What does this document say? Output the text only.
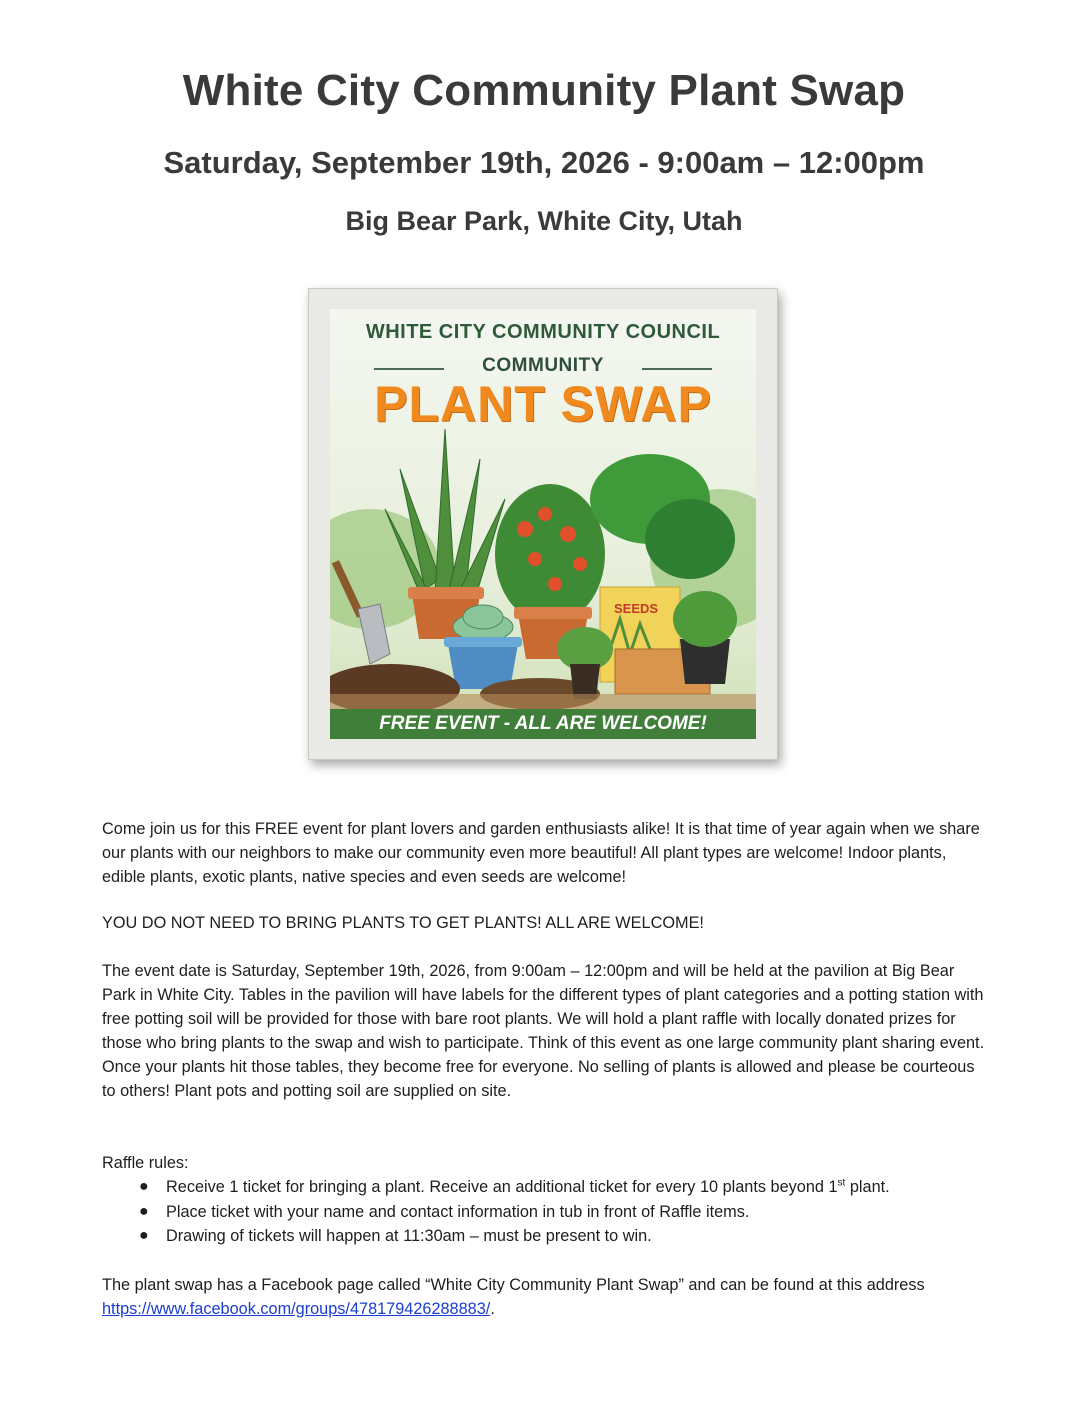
White City Community Plant Swap
Saturday, September 19th, 2026 - 9:00am – 12:00pm
Big Bear Park, White City, Utah
WHITE CITY COMMUNITY COUNCIL
COMMUNITY
PLANT SWAP
SEEDS
FREE EVENT - ALL ARE WELCOME!
Come join us for this FREE event for plant lovers and garden enthusiasts alike! It is that time of year again when we share our plants with our neighbors to make our community even more beautiful! All plant types are welcome! Indoor plants, edible plants, exotic plants, native species and even seeds are welcome!
YOU DO NOT NEED TO BRING PLANTS TO GET PLANTS! ALL ARE WELCOME!
The event date is Saturday, September 19th, 2026, from 9:00am – 12:00pm and will be held at the pavilion at Big Bear Park in White City. Tables in the pavilion will have labels for the different types of plant categories and a potting station with free potting soil will be provided for those with bare root plants. We will hold a plant raffle with locally donated prizes for those who bring plants to the swap and wish to participate. Think of this event as one large community plant sharing event. Once your plants hit those tables, they become free for everyone. No selling of plants is allowed and please be courteous to others! Plant pots and potting soil are supplied on site.
Raffle rules:
● Receive 1 ticket for bringing a plant. Receive an additional ticket for every 10 plants beyond 1st plant.
● Place ticket with your name and contact information in tub in front of Raffle items.
● Drawing of tickets will happen at 11:30am – must be present to win.
The plant swap has a Facebook page called “White City Community Plant Swap” and can be found at this address https://www.facebook.com/groups/478179426288883/.
